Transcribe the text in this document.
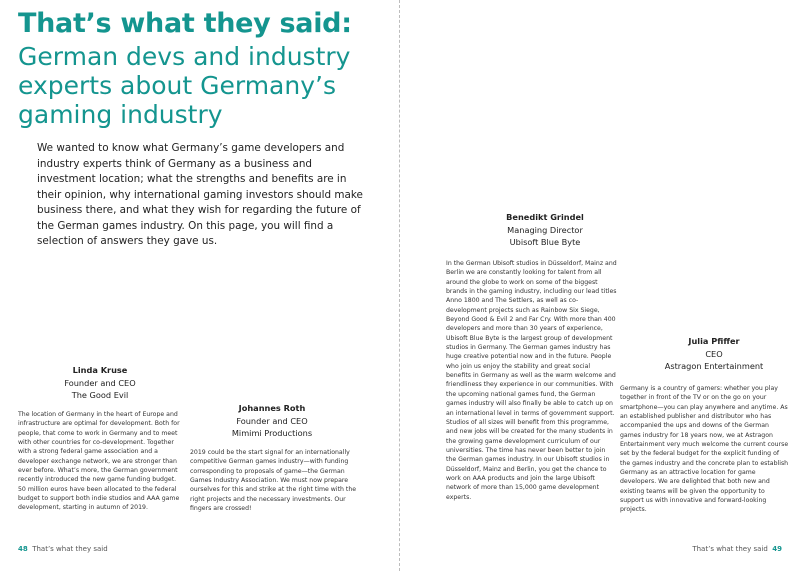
That’s what they said:
German devs and industry experts about Germany’s gaming industry

We wanted to know what Germany’s game developers and industry experts think of Germany as a business and investment location; what the strengths and benefits are in their opinion, why international gaming investors should make business there, and what they wish for regarding the future of the German games industry. On this page, you will find a selection of answers they gave us.

Linda Kruse
Founder and CEO
The Good Evil

The location of Germany in the heart of Europe and infrastructure are optimal for development. Both for people, that come to work in Germany and to meet with other countries for co-development. Together with a strong federal game association and a developer exchange network, we are stronger than ever before. What’s more, the German government recently introduced the new game funding budget. 50 million euros have been allocated to the federal budget to support both indie studios and AAA game development, starting in autumn of 2019.

Johannes Roth
Founder and CEO
Mimimi Productions

2019 could be the start signal for an internationally competitive German games industry—with funding corresponding to proposals of game—the German Games Industry Association. We must now prepare ourselves for this and strike at the right time with the right projects and the necessary investments. Our fingers are crossed!

48 That’s what they said
Benedikt Grindel
Managing Director
Ubisoft Blue Byte

In the German Ubisoft studios in Düsseldorf, Mainz and Berlin we are constantly looking for talent from all around the globe to work on some of the biggest brands in the gaming industry, including our lead titles Anno 1800 and The Settlers, as well as co-development projects such as Rainbow Six Siege, Beyond Good & Evil 2 and Far Cry. With more than 400 developers and more than 30 years of experience, Ubisoft Blue Byte is the largest group of development studios in Germany. The German games industry has huge creative potential now and in the future. People who join us enjoy the stability and great social benefits in Germany as well as the warm welcome and friendliness they experience in our communities. With the upcoming national games fund, the German games industry will also finally be able to catch up on an international level in terms of government support. Studios of all sizes will benefit from this programme, and new jobs will be created for the many students in the growing game development curriculum of our universities. The time has never been better to join the German games industry. In our Ubisoft studios in Düsseldorf, Mainz and Berlin, you get the chance to work on AAA products and join the large Ubisoft network of more than 15,000 game development experts.

Julia Pfiffer
CEO
Astragon Entertainment

Germany is a country of gamers: whether you play together in front of the TV or on the go on your smartphone—you can play anywhere and anytime. As an established publisher and distributor who has accompanied the ups and downs of the German games industry for 18 years now, we at Astragon Entertainment very much welcome the current course set by the federal budget for the explicit funding of the games industry and the concrete plan to establish Germany as an attractive location for game developers. We are delighted that both new and existing teams will be given the opportunity to support us with innovative and forward-looking projects.

That’s what they said 49
